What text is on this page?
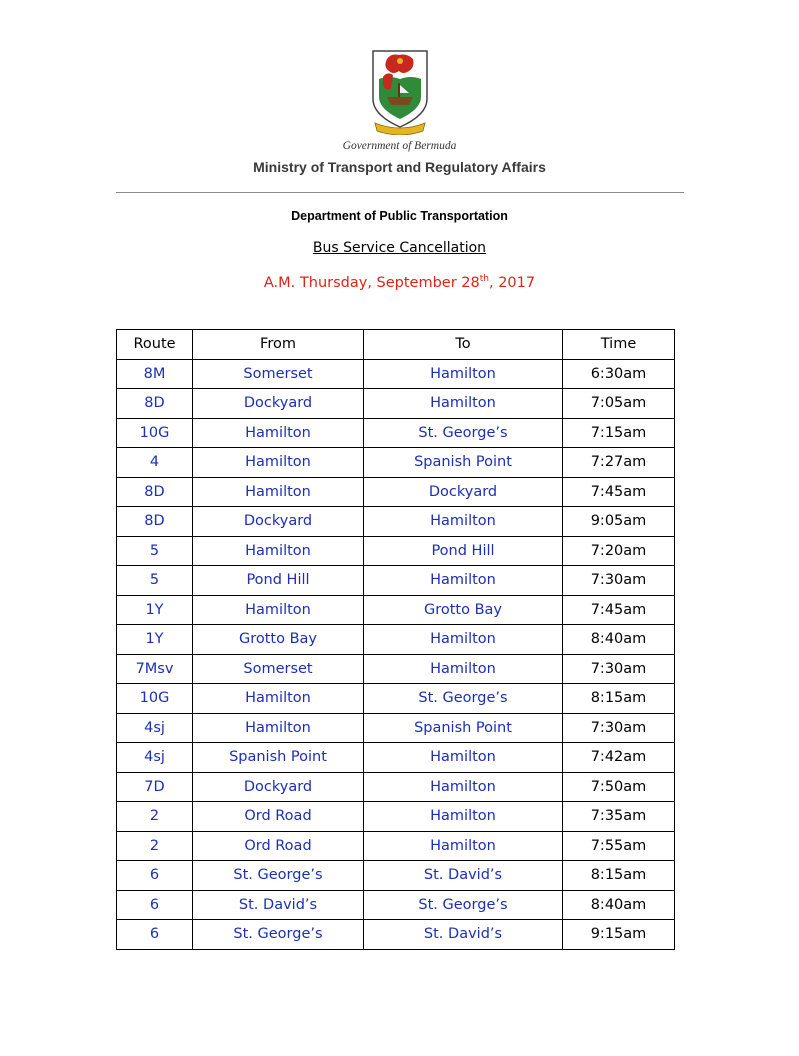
Government of Bermuda
Ministry of Transport and Regulatory Affairs
Department of Public Transportation
Bus Service Cancellation
A.M. Thursday, September 28th, 2017
Route	From	To	Time
8M	Somerset	Hamilton	6:30am
8D	Dockyard	Hamilton	7:05am
10G	Hamilton	St. George’s	7:15am
4	Hamilton	Spanish Point	7:27am
8D	Hamilton	Dockyard	7:45am
8D	Dockyard	Hamilton	9:05am
5	Hamilton	Pond Hill	7:20am
5	Pond Hill	Hamilton	7:30am
1Y	Hamilton	Grotto Bay	7:45am
1Y	Grotto Bay	Hamilton	8:40am
7Msv	Somerset	Hamilton	7:30am
10G	Hamilton	St. George’s	8:15am
4sj	Hamilton	Spanish Point	7:30am
4sj	Spanish Point	Hamilton	7:42am
7D	Dockyard	Hamilton	7:50am
2	Ord Road	Hamilton	7:35am
2	Ord Road	Hamilton	7:55am
6	St. George’s	St. David’s	8:15am
6	St. David’s	St. George’s	8:40am
6	St. George’s	St. David’s	9:15am
